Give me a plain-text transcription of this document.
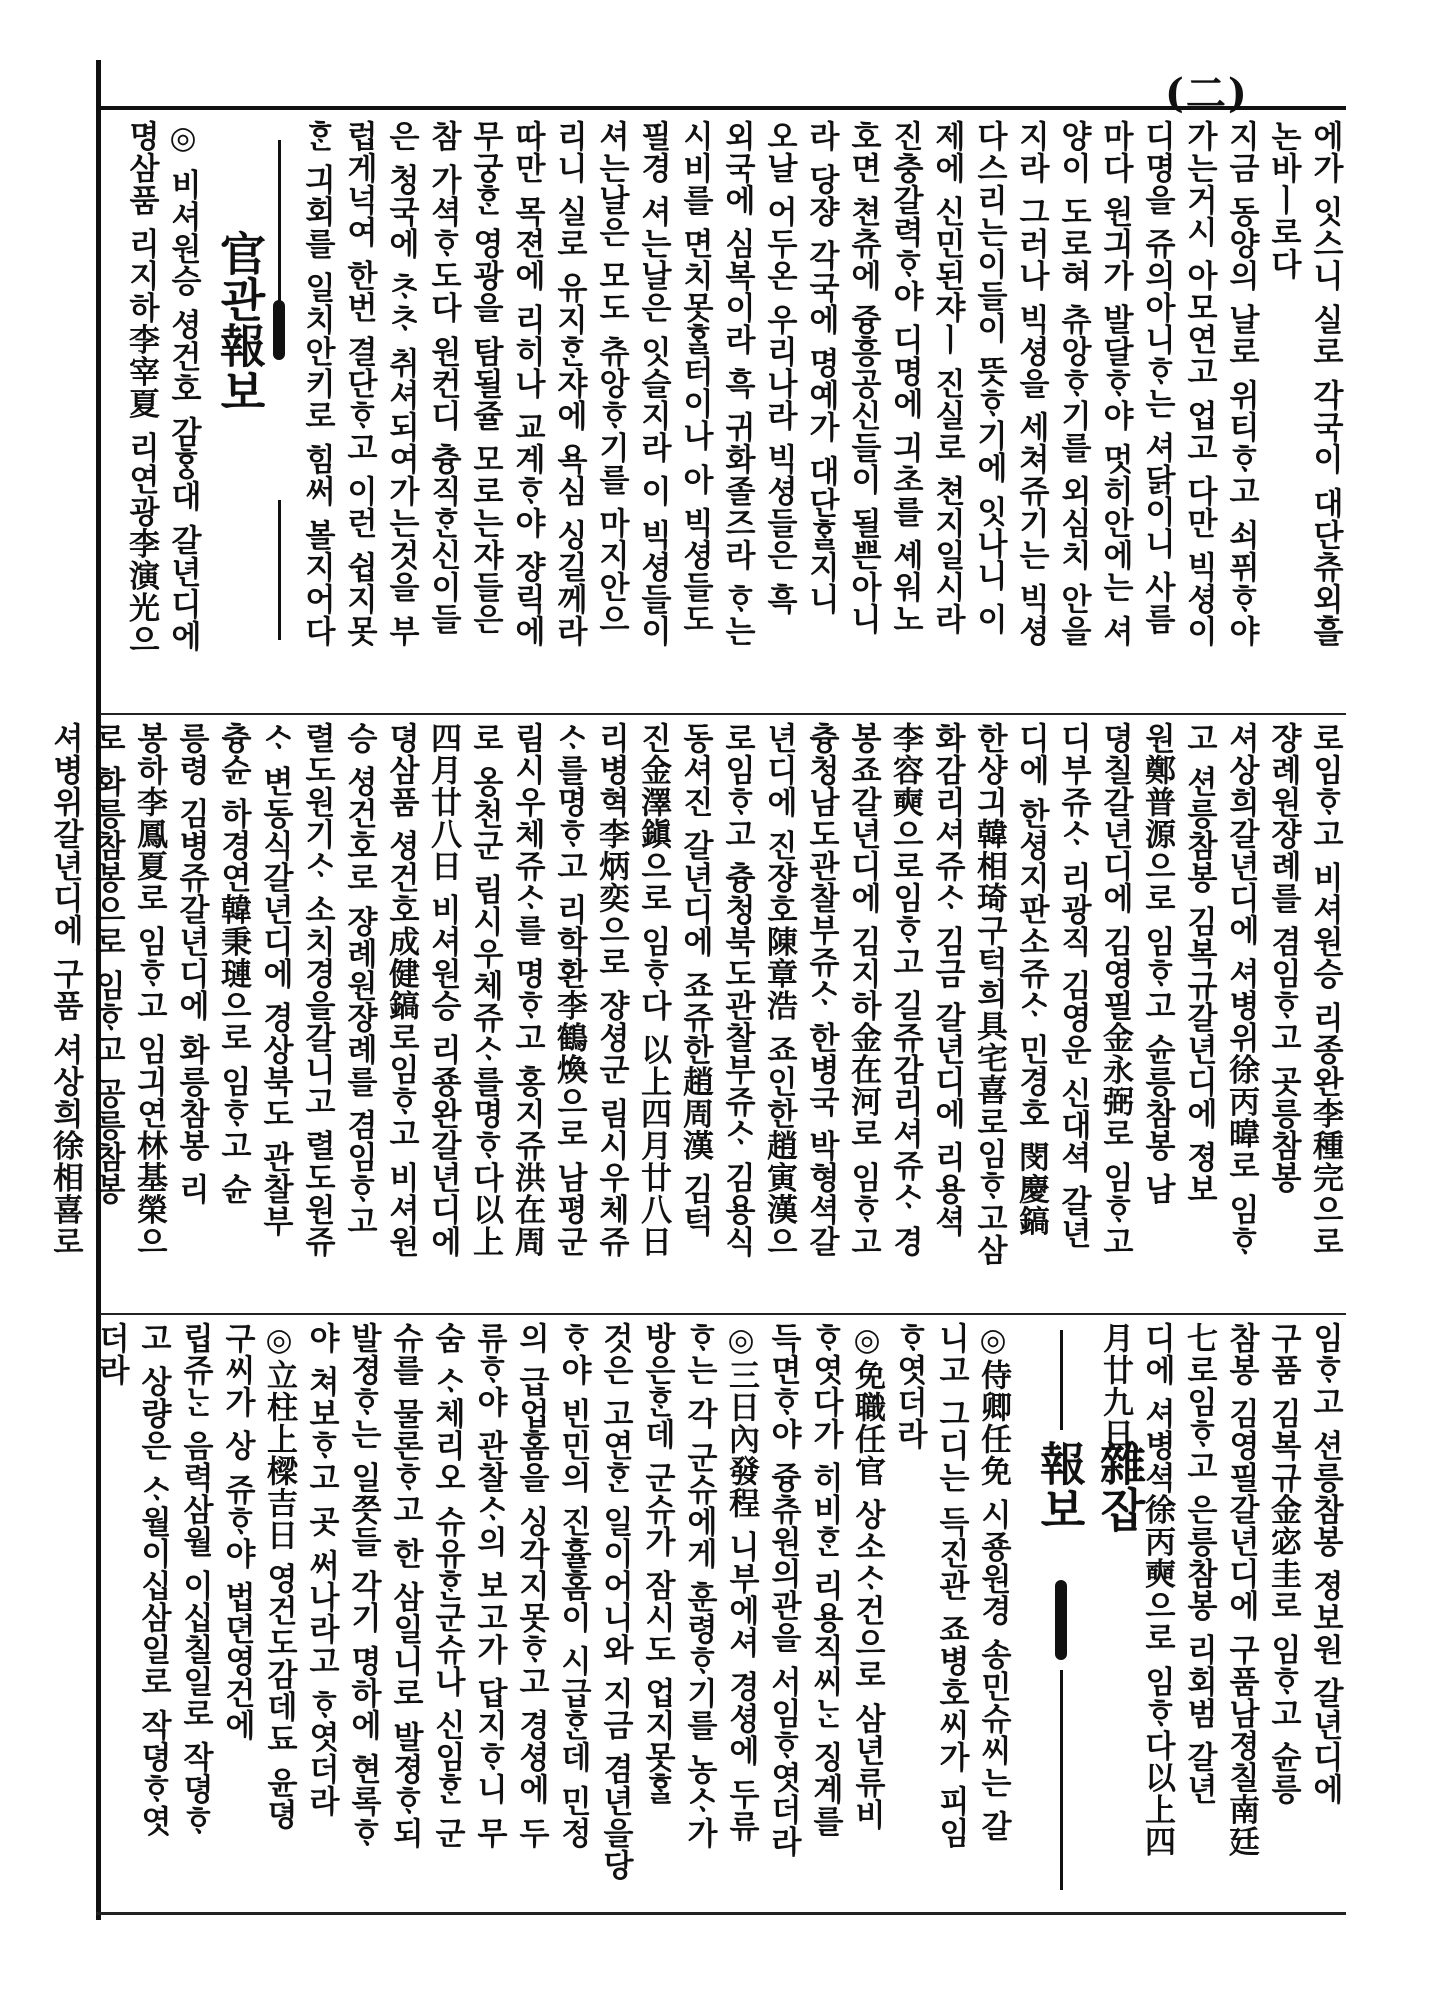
(二)
에가 잇스니 실로 각국이 대단츄외흘
논바ㅣ로다
지금 동양의 날로 위티ᄒᆞ고 쇠퓌ᄒᆞ야
가는거시 아모연고 업고 다만 빅셩이
디명을 쥬의아니ᄒᆞ는 셔닭이니 사름
마다 원긔가 발달ᄒᆞ야 멋히안에는 셔
양이 도로혀 츄앙ᄒᆞ기를 외심치 안을
지라 그러나 빅셩을 세쳐쥬기는 빅셩
다스리는이들이 뜻ᄒᆞ기에 잇나니 이
제에 신민된쟈ㅣ 진실로 쳔지일시라
진충갈력ᄒᆞ야 디명에 긔초를 셰워노
호면 쳔츄에 즁흥공신들이 될쁜아니
라 당쟝 각국에 명예가 대단ᄒᆞᆯ지니
오날 어두온 우리나라 빅셩들은 흑
외국에 심복이라 흑 귀화졸즈라 ᄒᆞ는
시비를 면치못ᄒᆞᆯ터이나 아 빅셩들도
필경 셔는날은 잇슬지라 이 빅셩들이
셔는날은 모도 츄앙ᄒᆞ기를 마지안으
리니 실로 유지ᄒᆞᆫ쟈에 욕심 싱길께라
따만 목젼에 리히나 교계ᄒᆞ야 쟝릭에
무궁ᄒᆞᆫ 영광을 탐될쥴 모로는쟈들은
참 가셕ᄒᆞ도다 원컨디 츙직ᄒᆞᆫ신이들
은 청국에 ᄎᆞᄎᆞ 취셔되여가는것을 부
럽게넉여 한번 결단ᄒᆞ고 이런 쉽지못
ᄒᆞᆫ 긔회를 일치안키로 힘써 볼지어다
官관報보
◎ 비셔원승 셩건호 감ᄒᆞᆼ대 갈년디에
명삼품 리지하李宰夏 리연광李演光으
로임ᄒᆞ고 비셔원승 리종완李種完으로
쟝례원쟝례를 겸임ᄒᆞ고 곳릉참봉
셔상희갈년디에 셔병위徐丙暐로 임ᄒᆞ
고 션릉참봉 김복규갈년디에 졍보
원鄭普源으로 임ᄒᆞ고 슌릉참봉 남
뎡칠갈년디에 김영필金永弼로 임ᄒᆞ고
디부쥬ᄉᆞ 리광직 김영운 신대셕 갈년
디에 한셩지판소쥬ᄉᆞ 민경호 閔慶鎬
한샹긔韓相琦구턱희具宅喜로임ᄒᆞ고삼
화감리셔쥬ᄉᆞ 김금 갈년디에 리용셕
李容奭으로임ᄒᆞ고 길쥬감리셔쥬ᄉᆞ 경
봉죠갈년디에 김지하金在河로 임ᄒᆞ고
츙청남도관찰부쥬ᄉᆞ 한병국 박형셕갈
년디에 진쟝호陳章浩 죠인한趙寅漢으
로임ᄒᆞ고 츙청북도관찰부쥬ᄉᆞ 김용식
동셔진 갈년디에 죠쥬한趙周漢 김턱
진金澤鎭으로 임ᄒᆞ다 以上四月廿八日
리병혁李炳奕으로 쟝셩군 림시우체쥬
ᄉᆞ를명ᄒᆞ고 리학환李鶴煥으로 남평군
림시우체쥬ᄉᆞ를 명ᄒᆞ고 홍지쥬洪在周
로 옹천군 림시우체쥬ᄉᆞ를명ᄒᆞ다以上
四月廿八日 비셔원승 리죵완갈년디에
뎡삼품 셩건호成健鎬로임ᄒᆞ고 비셔원
승 셩건호로 쟝례원쟝례를 겸임ᄒᆞ고
렬도원기ᄉᆞ 소치경을갈니고 렬도원쥬
ᄉᆞ 변동식갈년디에 경상북도 관찰부
츙슌 하경연韓秉璉으로 임ᄒᆞ고 슌
릉령 김병쥬갈년디에 화릉참봉 리
봉하李鳳夏로 임ᄒᆞ고 임긔연林基榮으
로 화릉참봉으로 임ᄒᆞ고 공릉참봉
셔병위갈년디에 구품 셔상희徐相喜로
임ᄒᆞ고 션릉참봉 졍보원 갈년디에
구품 김복규金宓圭로 임ᄒᆞ고 슌릉
참봉 김영필갈년디에 구품남졍칠南廷
七로임ᄒᆞ고 은릉참봉 리회범 갈년
디에 셔병셕徐丙奭으로 임ᄒᆞ다以上四
月廿九日
雜잡報보
◎侍卿任免 시죵원경 송민슈씨는 갈
니고 그디는 득진관 죠병호씨가 피임
ᄒᆞ엿더라
◎免職任官 상소ᄉᆞ건으로 삼년류비
ᄒᆞ엿다가 히비ᄒᆞᆫ 리용직씨ᄂᆞᆫ 징계를
득면ᄒᆞ야 즁츄원의관을 서임ᄒᆞ엿더라
◎三日內發程 니부에셔 경셩에 두류
ᄒᆞ는 각 군슈에게 훈령ᄒᆞ기를 농ᄉᆞ가
방은ᄒᆞᆫ데 군슈가 잠시도 업지못ᄒᆞᆯ
것은 고연ᄒᆞᆫ 일이어니와 지금 겸년을당
ᄒᆞ야 빈민의 진휼홈이 시급ᄒᆞᆫ데 민정
의 급업홈을 싱각지못ᄒᆞ고 경셩에 두
류ᄒᆞ야 관찰ᄉᆞ의 보고가 답지ᄒᆞ니 무
숨 ᄉᆞ체리오 슈유ᄒᆞᆫ군슈나 신임ᄒᆞᆫ 군
슈를 물론ᄒᆞ고 한 삼일니로 발졍ᄒᆞ되
발졍ᄒᆞ는 일쯧들 각기 명하에 현록ᄒᆞ
야 쳐보ᄒᆞ고 곳 써나라고 ᄒᆞ엿더라
◎立柱上樑吉日 영건도감데됴 윤뎡
구씨가 상 쥬ᄒᆞ야 법뎐영건에
립쥬ᄂᆞᆫ 음력삼월 이십칠일로 작뎡ᄒᆞ
고 상량은 ᄉᆞ월이십삼일로 작뎡ᄒᆞ엿
더라
